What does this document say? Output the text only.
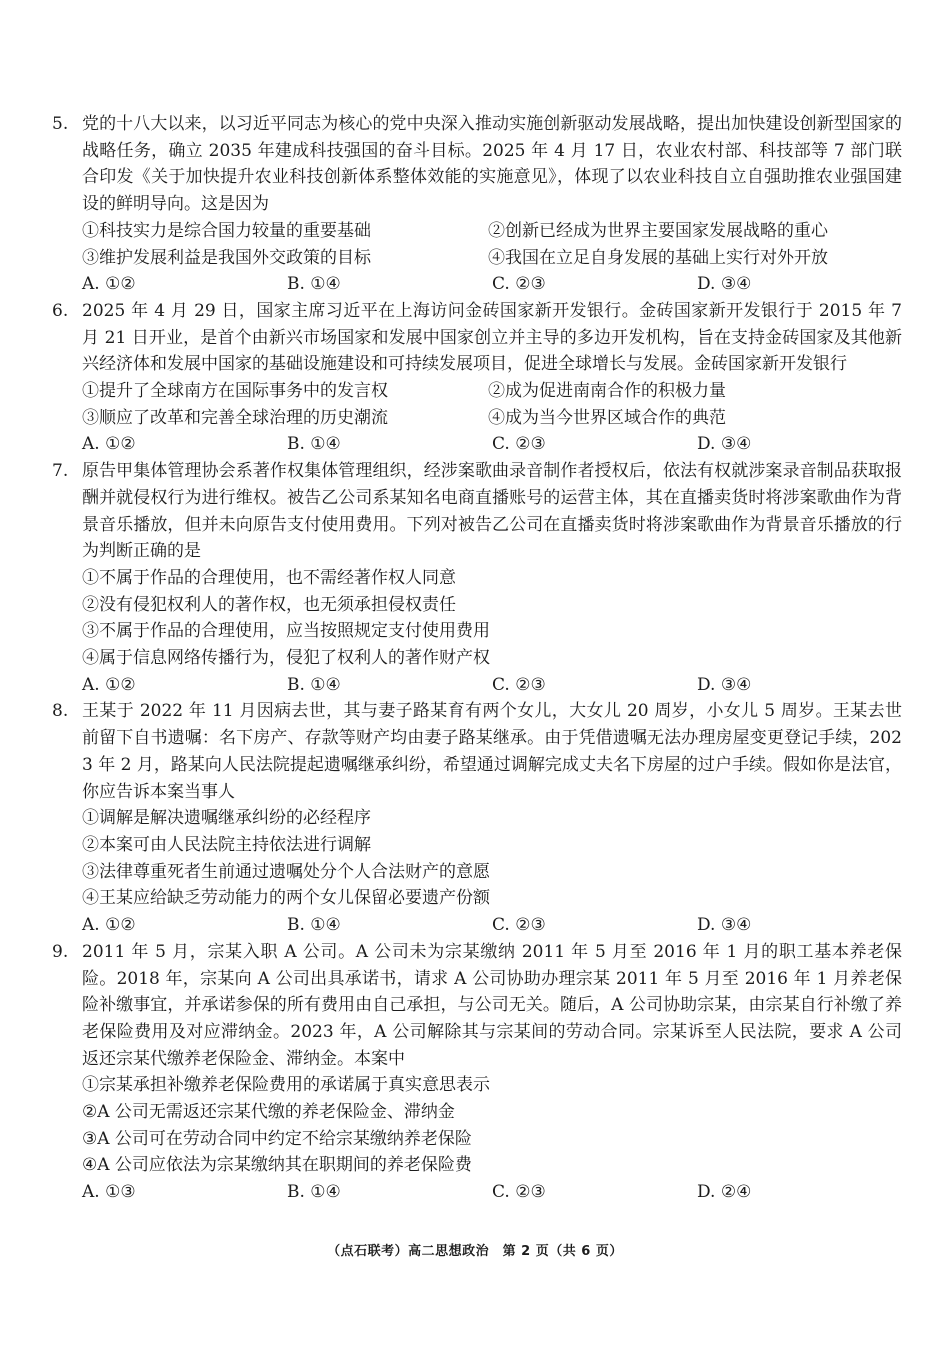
5. 党的十八大以来，以习近平同志为核心的党中央深入推动实施创新驱动发展战略，提出加快建设创新型国家的战略任务，确立 2035 年建成科技强国的奋斗目标。2025 年 4 月 17 日，农业农村部、科技部等 7 部门联合印发《关于加快提升农业科技创新体系整体效能的实施意见》，体现了以农业科技自立自强助推农业强国建设的鲜明导向。这是因为
①科技实力是综合国力较量的重要基础	②创新已经成为世界主要国家发展战略的重心
③维护发展利益是我国外交政策的目标	④我国在立足自身发展的基础上实行对外开放
A. ①②	B. ①④	C. ②③	D. ③④
6. 2025 年 4 月 29 日，国家主席习近平在上海访问金砖国家新开发银行。金砖国家新开发银行于 2015 年 7 月 21 日开业，是首个由新兴市场国家和发展中国家创立并主导的多边开发机构，旨在支持金砖国家及其他新兴经济体和发展中国家的基础设施建设和可持续发展项目，促进全球增长与发展。金砖国家新开发银行
①提升了全球南方在国际事务中的发言权	②成为促进南南合作的积极力量
③顺应了改革和完善全球治理的历史潮流	④成为当今世界区域合作的典范
A. ①②	B. ①④	C. ②③	D. ③④
7. 原告甲集体管理协会系著作权集体管理组织，经涉案歌曲录音制作者授权后，依法有权就涉案录音制品获取报酬并就侵权行为进行维权。被告乙公司系某知名电商直播账号的运营主体，其在直播卖货时将涉案歌曲作为背景音乐播放，但并未向原告支付使用费用。下列对被告乙公司在直播卖货时将涉案歌曲作为背景音乐播放的行为判断正确的是
①不属于作品的合理使用，也不需经著作权人同意
②没有侵犯权利人的著作权，也无须承担侵权责任
③不属于作品的合理使用，应当按照规定支付使用费用
④属于信息网络传播行为，侵犯了权利人的著作财产权
A. ①②	B. ①④	C. ②③	D. ③④
8. 王某于 2022 年 11 月因病去世，其与妻子路某育有两个女儿，大女儿 20 周岁，小女儿 5 周岁。王某去世前留下自书遗嘱：名下房产、存款等财产均由妻子路某继承。由于凭借遗嘱无法办理房屋变更登记手续，2023 年 2 月，路某向人民法院提起遗嘱继承纠纷，希望通过调解完成丈夫名下房屋的过户手续。假如你是法官，你应告诉本案当事人
①调解是解决遗嘱继承纠纷的必经程序
②本案可由人民法院主持依法进行调解
③法律尊重死者生前通过遗嘱处分个人合法财产的意愿
④王某应给缺乏劳动能力的两个女儿保留必要遗产份额
A. ①②	B. ①④	C. ②③	D. ③④
9. 2011 年 5 月，宗某入职 A 公司。A 公司未为宗某缴纳 2011 年 5 月至 2016 年 1 月的职工基本养老保险。2018 年，宗某向 A 公司出具承诺书，请求 A 公司协助办理宗某 2011 年 5 月至 2016 年 1 月养老保险补缴事宜，并承诺参保的所有费用由自己承担，与公司无关。随后，A 公司协助宗某，由宗某自行补缴了养老保险费用及对应滞纳金。2023 年，A 公司解除其与宗某间的劳动合同。宗某诉至人民法院，要求 A 公司返还宗某代缴养老保险金、滞纳金。本案中
①宗某承担补缴养老保险费用的承诺属于真实意思表示
②A 公司无需返还宗某代缴的养老保险金、滞纳金
③A 公司可在劳动合同中约定不给宗某缴纳养老保险
④A 公司应依法为宗某缴纳其在职期间的养老保险费
A. ①③	B. ①④	C. ②③	D. ②④
（点石联考）高二思想政治　第 2 页（共 6 页）
